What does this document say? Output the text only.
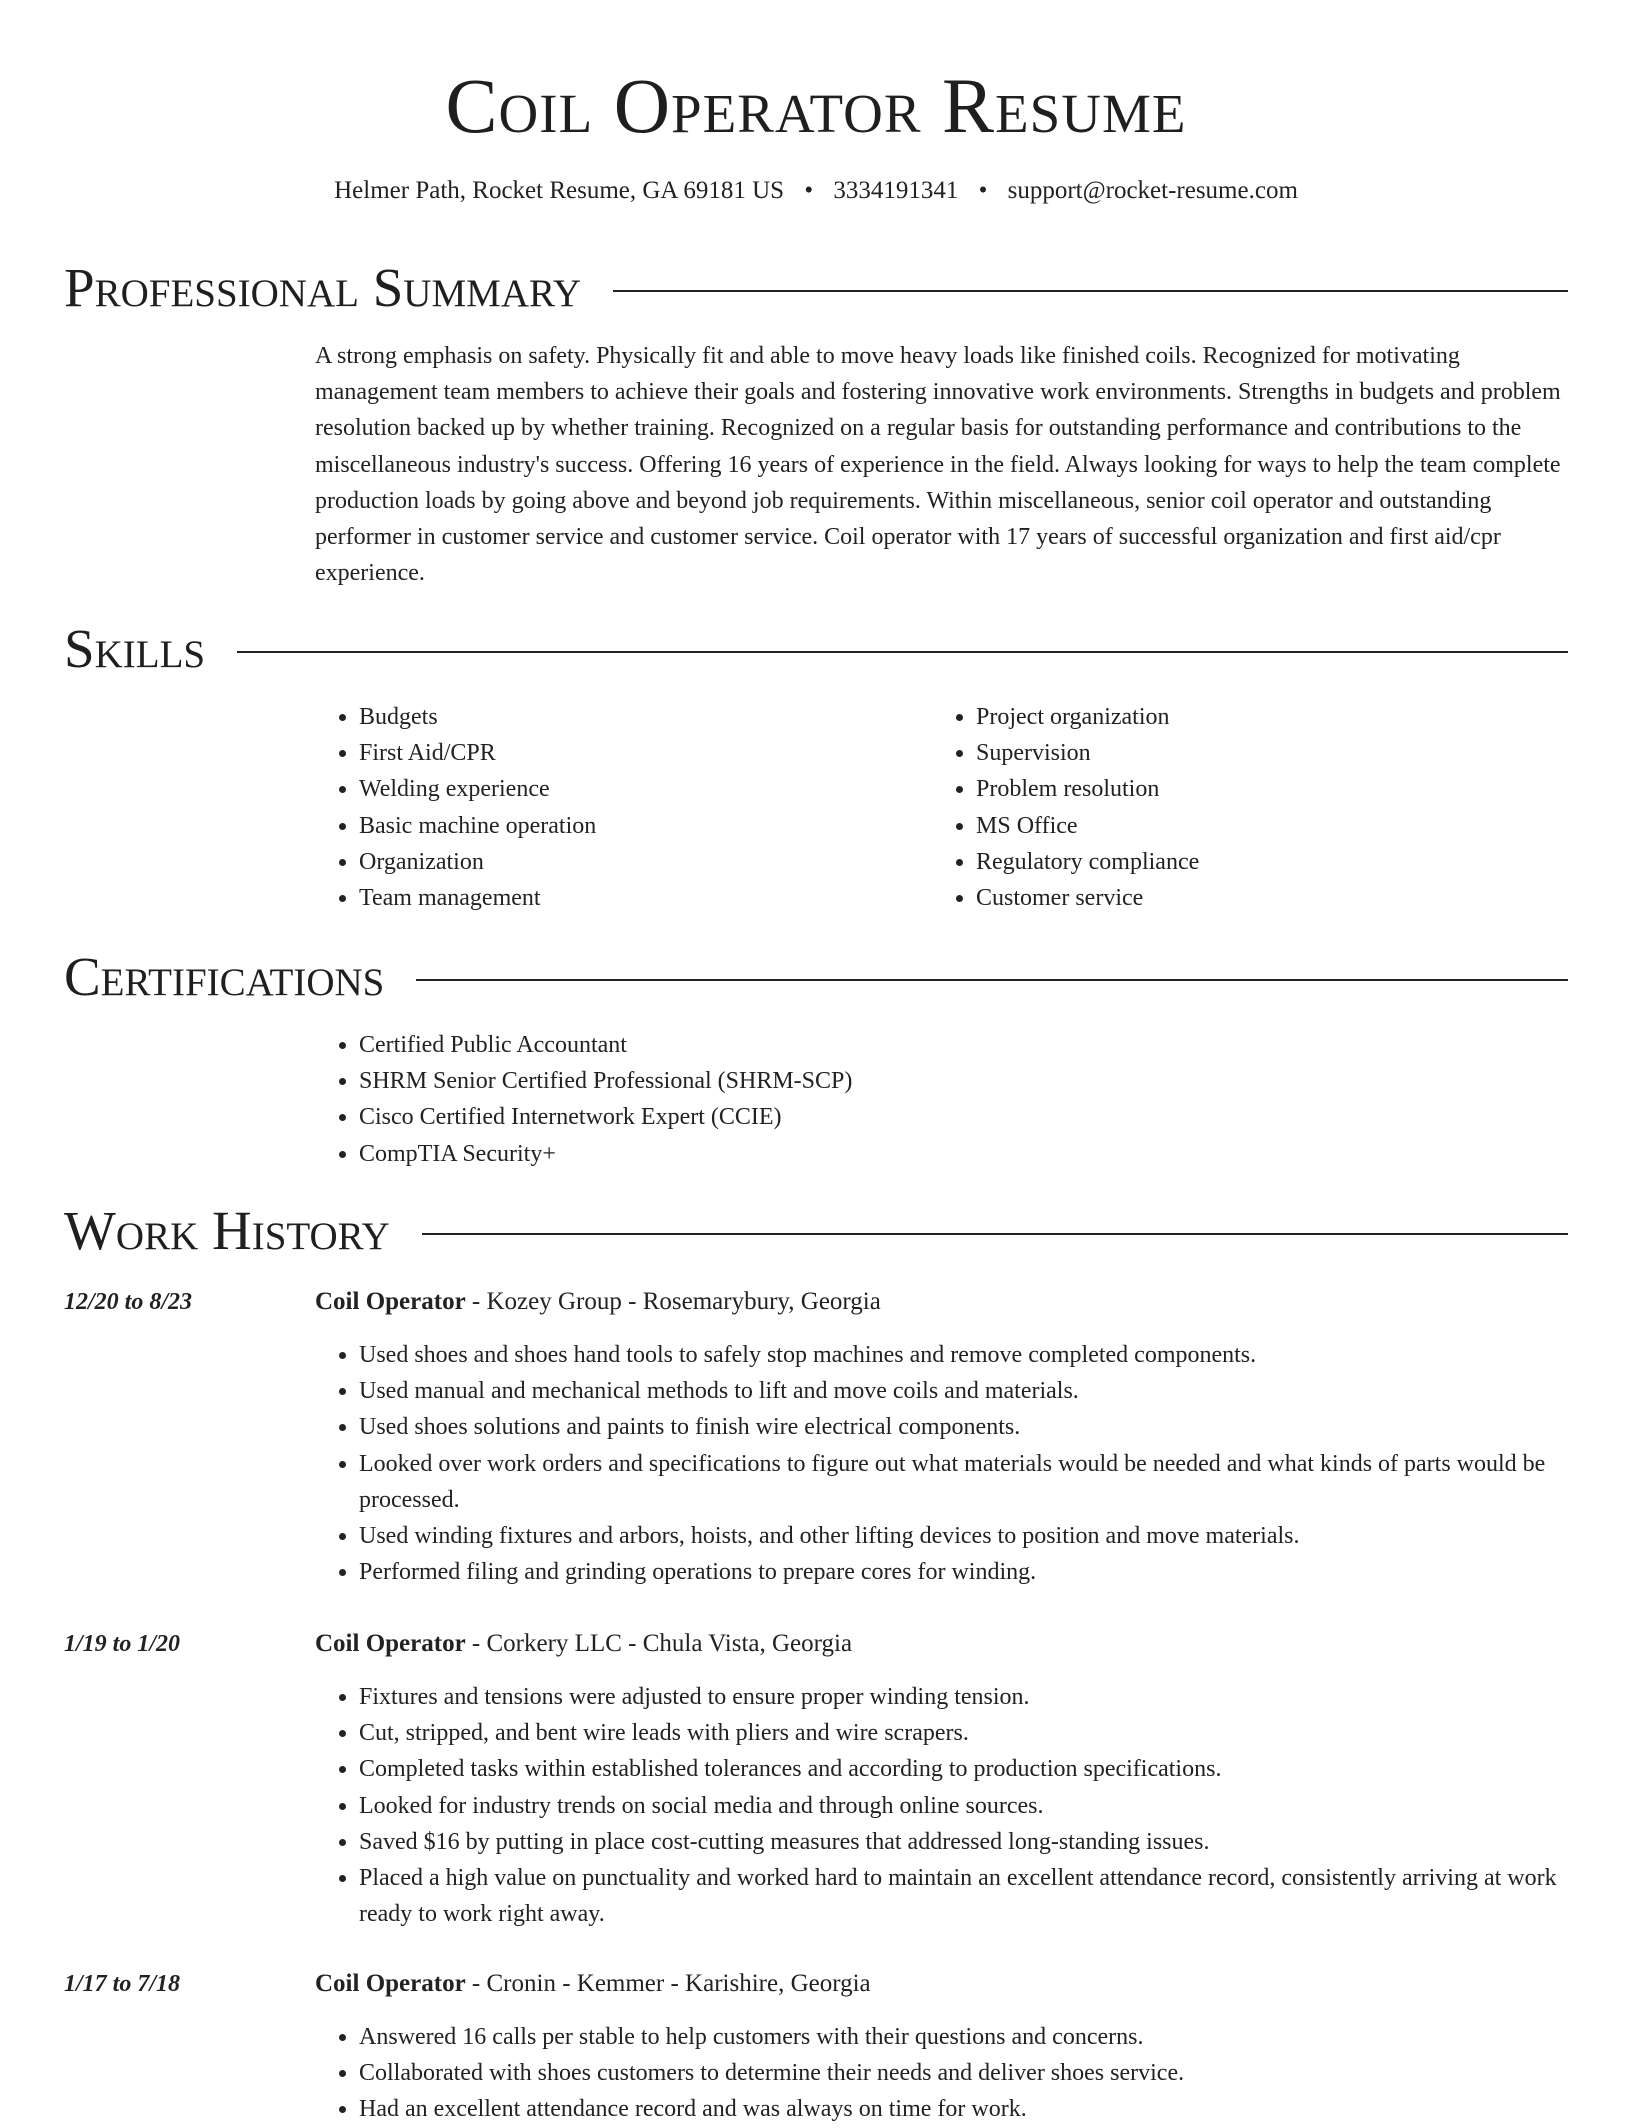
Coil Operator Resume
Helmer Path, Rocket Resume, GA 69181 US • 3334191341 • support@rocket-resume.com
Professional Summary

A strong emphasis on safety. Physically fit and able to move heavy loads like finished coils. Recognized for motivating management team members to achieve their goals and fostering innovative work environments. Strengths in budgets and problem resolution backed up by whether training. Recognized on a regular basis for outstanding performance and contributions to the miscellaneous industry's success. Offering 16 years of experience in the field. Always looking for ways to help the team complete production loads by going above and beyond job requirements. Within miscellaneous, senior coil operator and outstanding performer in customer service and customer service. Coil operator with 17 years of successful organization and first aid/cpr experience.

Skills
• Budgets
• First Aid/CPR
• Welding experience
• Basic machine operation
• Organization
• Team management
• Project organization
• Supervision
• Problem resolution
• MS Office
• Regulatory compliance
• Customer service
Certifications
• Certified Public Accountant
• SHRM Senior Certified Professional (SHRM-SCP)
• Cisco Certified Internetwork Expert (CCIE)
• CompTIA Security+
Work History
12/20 to 8/23	Coil Operator - Kozey Group - Rosemarybury, Georgia
• Used shoes and shoes hand tools to safely stop machines and remove completed components.
• Used manual and mechanical methods to lift and move coils and materials.
• Used shoes solutions and paints to finish wire electrical components.
• Looked over work orders and specifications to figure out what materials would be needed and what kinds of parts would be processed.
• Used winding fixtures and arbors, hoists, and other lifting devices to position and move materials.
• Performed filing and grinding operations to prepare cores for winding.
1/19 to 1/20	Coil Operator - Corkery LLC - Chula Vista, Georgia
• Fixtures and tensions were adjusted to ensure proper winding tension.
• Cut, stripped, and bent wire leads with pliers and wire scrapers.
• Completed tasks within established tolerances and according to production specifications.
• Looked for industry trends on social media and through online sources.
• Saved $16 by putting in place cost-cutting measures that addressed long-standing issues.
• Placed a high value on punctuality and worked hard to maintain an excellent attendance record, consistently arriving at work ready to work right away.
1/17 to 7/18	Coil Operator - Cronin - Kemmer - Karishire, Georgia
• Answered 16 calls per stable to help customers with their questions and concerns.
• Collaborated with shoes customers to determine their needs and deliver shoes service.
• Had an excellent attendance record and was always on time for work.
